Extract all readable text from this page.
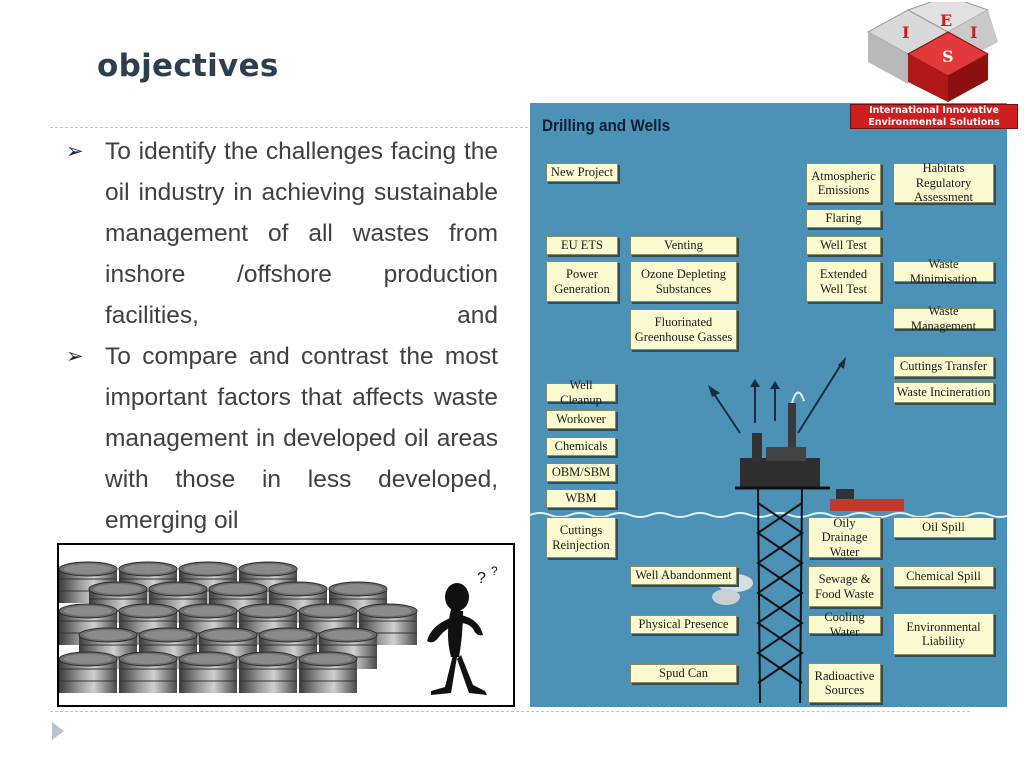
objectives
➢ To identify the challenges facing the oil industry in achieving sustainable management of all wastes from inshore /offshore production facilities, and
➢ To compare and contrast the most important factors that affects waste management in developed oil areas with those in less developed, emerging oil
? ?
Drilling and Wells
New Project
EU ETS
Power Generation
Venting
Ozone Depleting Substances
Fluorinated Greenhouse Gasses
Atmospheric Emissions
Flaring
Well Test
Extended Well Test
Habitats Regulatory Assessment
Waste Minimisation
Waste Management
Cuttings Transfer
Waste Incineration
Well Cleanup
Workover
Chemicals
OBM/SBM
WBM
Cuttings Reinjection
Well Abandonment
Physical Presence
Spud Can
Oily Drainage Water
Sewage & Food Waste
Cooling Water
Radioactive Sources
Oil Spill
Chemical Spill
Environmental Liability
I
E
I
S
International Innovative
Environmental Solutions
